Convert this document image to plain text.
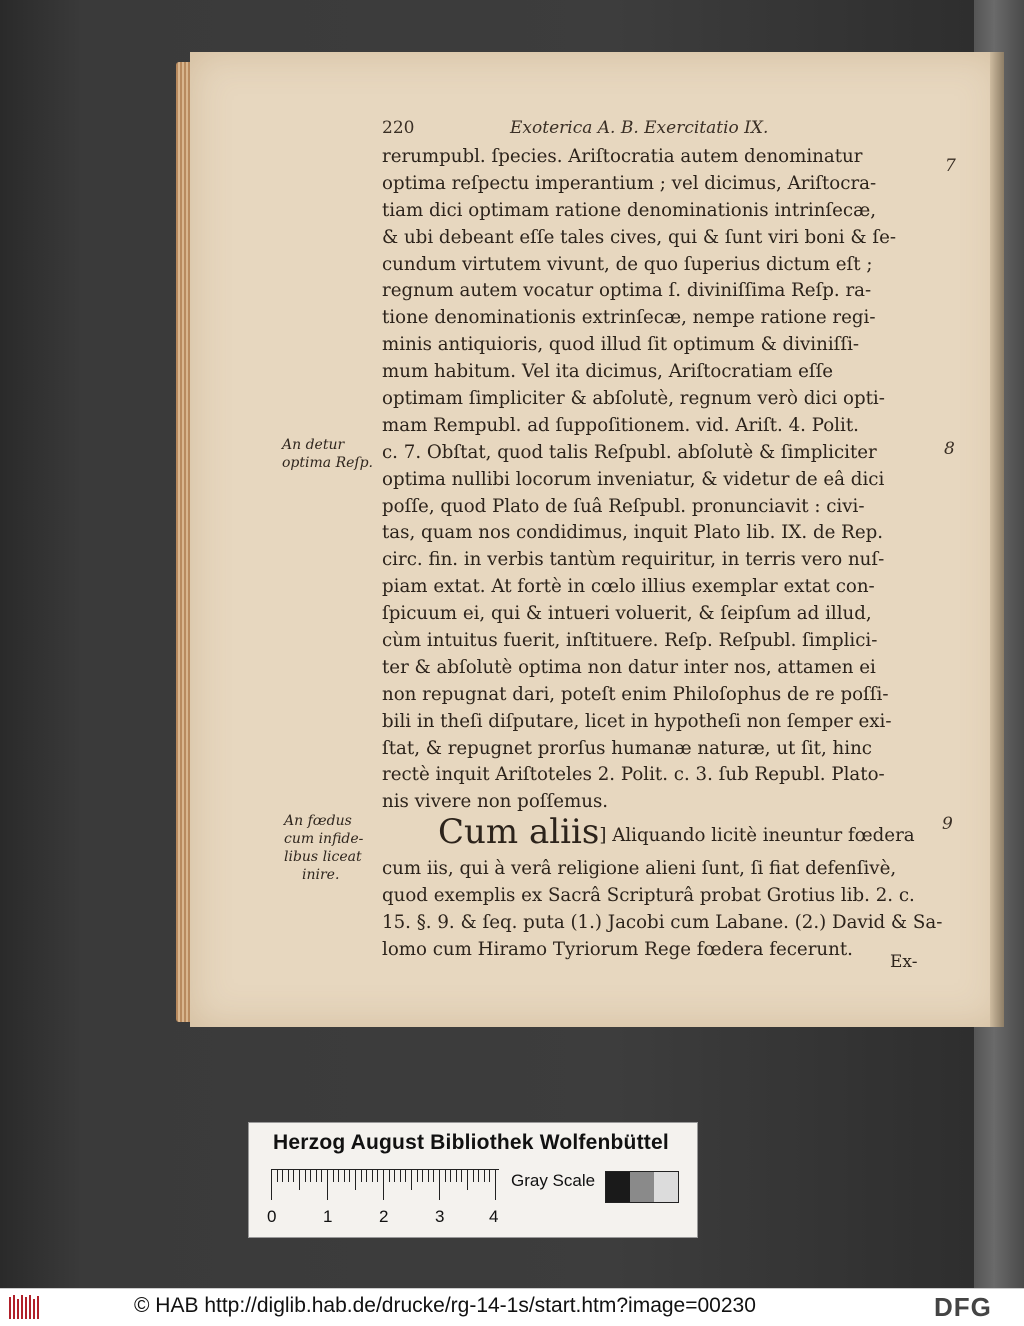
220	Exoterica A. B. Exercitatio IX.
rerumpubl. ſpecies. Ariſtocratia autem denominatur
optima reſpectu imperantium ; vel dicimus, Ariſtocra-
tiam dici optimam ratione denominationis intrinſecæ,
& ubi debeant eſſe tales cives, qui & ſunt viri boni & ſe-
cundum virtutem vivunt, de quo ſuperius dictum eſt ;
regnum autem vocatur optima ſ. diviniſſima Reſp. ra-
tione denominationis extrinſecæ, nempe ratione regi-
minis antiquioris, quod illud ſit optimum & diviniſſi-
mum habitum. Vel ita dicimus, Ariſtocratiam eſſe
optimam ſimpliciter & abſolutè, regnum verò dici opti-
mam Rempubl. ad ſuppoſitionem. vid. Ariſt. 4. Polit.
c. 7. Obſtat, quod talis Reſpubl. abſolutè & ſimpliciter
optima nullibi locorum inveniatur, & videtur de eâ dici
poſſe, quod Plato de ſuâ Reſpubl. pronunciavit : civi-
tas, quam nos condidimus, inquit Plato lib. IX. de Rep.
circ. fin. in verbis tantùm requiritur, in terris vero nuſ-
piam extat. At fortè in cœlo illius exemplar extat con-
ſpicuum ei, qui & intueri voluerit, & ſeipſum ad illud,
cùm intuitus fuerit, inſtituere. Reſp. Reſpubl. ſimplici-
ter & abſolutè optima non datur inter nos, attamen ei
non repugnat dari, poteſt enim Philoſophus de re poſſi-
bili in theſi diſputare, licet in hypotheſi non ſemper exi-
ſtat, & repugnet prorſus humanæ naturæ, ut ſit, hinc
rectè inquit Ariſtoteles 2. Polit. c. 3. ſub Republ. Plato-
nis vivere non poſſemus.
Cum aliis] Aliquando licitè ineuntur fœdera
cum iis, qui à verâ religione alieni ſunt, ſi fiat defenſivè,
quod exemplis ex Sacrâ Scripturâ probat Grotius lib. 2. c.
15. §. 9. & ſeq. puta (1.) Jacobi cum Labane. (2.) David & Sa-
lomo cum Hiramo Tyriorum Rege fœdera fecerunt.
An detur
optima Reſp.
An fœdus
cum infide-
libus liceat
inire.
7
8
9
Ex-
Herzog August Bibliothek Wolfenbüttel
0	1	2	3	4
Gray Scale
© HAB http://diglib.hab.de/drucke/rg-14-1s/start.htm?image=00230	DFG
